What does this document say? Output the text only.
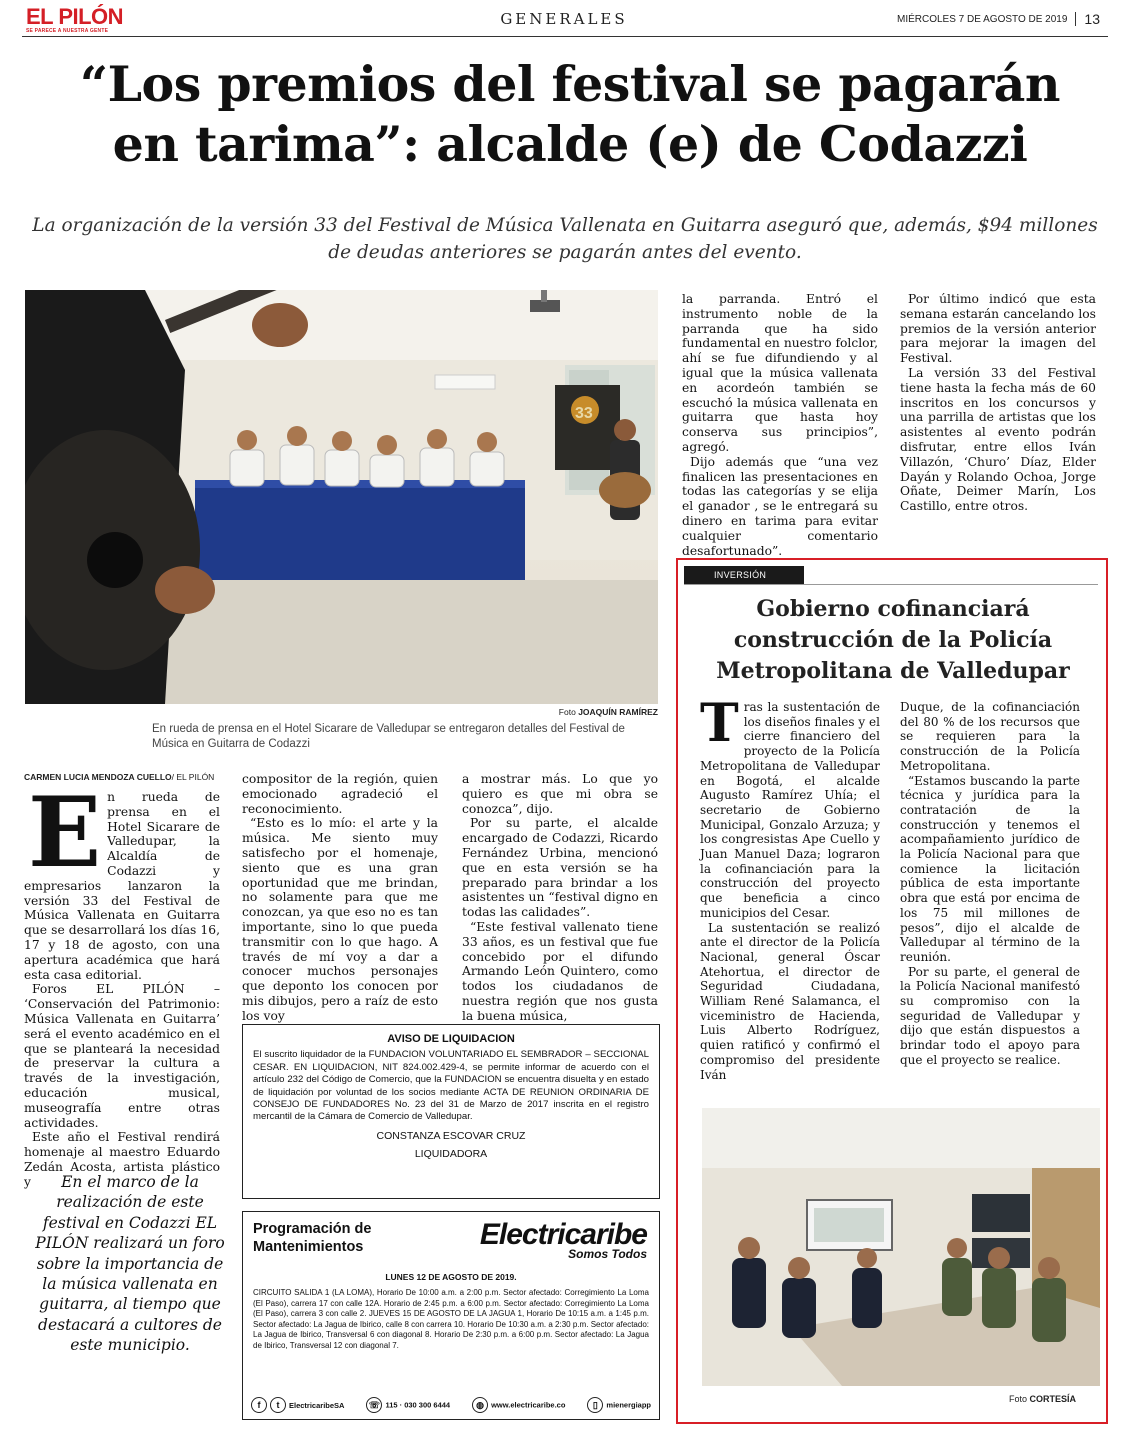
EL PILÓN
SE PARECE A NUESTRA GENTE
GENERALES	MIÉRCOLES 7 DE AGOSTO DE 2019	13
“Los premios del festival se pagarán en tarima”: alcalde (e) de Codazzi

La organización de la versión 33 del Festival de Música Vallenata en Guitarra aseguró que, además, $94 millones de deudas anteriores se pagarán antes del evento.

33
Foto JOAQUÍN RAMÍREZ

En rueda de prensa en el Hotel Sicarare de Valledupar se entregaron detalles del Festival de Música en Guitarra de Codazzi

CARMEN LUCIA MENDOZA CUELLO/ EL PILÓN

En rueda de prensa en el Hotel Sicarare de Valledupar, la Alcaldía de Codazzi y empresarios lanzaron la versión 33 del Festival de Música Vallenata en Guitarra que se desarrollará los días 16, 17 y 18 de agosto, con una apertura académica que hará esta casa editorial.

Foros EL PILÓN – ‘Conservación del Patrimonio: Música Vallenata en Guitarra’ será el evento académico en el que se planteará la necesidad de preservar la cultura a través de la investigación, educación musical, museografía entre otras actividades.

Este año el Festival rendirá homenaje al maestro Eduardo Zedán Acosta, artista plástico y

compositor de la región, quien emocionado agradeció el reconocimiento.

“Esto es lo mío: el arte y la música. Me siento muy satisfecho por el homenaje, siento que es una gran oportunidad que me brindan, no solamente para que me conozcan, ya que eso no es tan importante, sino lo que pueda transmitir con lo que hago. A través de mí voy a dar a conocer muchos personajes que deponto los conocen por mis dibujos, pero a raíz de esto los voy

a mostrar más. Lo que yo quiero es que mi obra se conozca”, dijo.

Por su parte, el alcalde encargado de Codazzi, Ricardo Fernández Urbina, mencionó que en esta versión se ha preparado para brindar a los asistentes un “festival digno en todas las calidades”.

“Este festival vallenato tiene 33 años, es un festival que fue concebido por el difundo Armando León Quintero, como todos los ciudadanos de nuestra región que nos gusta la buena música,

la parranda. Entró el instrumento noble de la parranda que ha sido fundamental en nuestro folclor, ahí se fue difundiendo y al igual que la música vallenata en acordeón también se escuchó la música vallenata en guitarra que hasta hoy conserva sus principios”, agregó.

Dijo además que “una vez finalicen las presentaciones en todas las categorías y se elija el ganador , se le entregará su dinero en tarima para evitar cualquier comentario desafortunado”.

Por último indicó que esta semana estarán cancelando los premios de la versión anterior para mejorar la imagen del Festival.

La versión 33 del Festival tiene hasta la fecha más de 60 inscritos en los concursos y una parrilla de artistas que los asistentes al evento podrán disfrutar, entre ellos Iván Villazón, ‘Churo’ Díaz, Elder Dayán y Rolando Ochoa, Jorge Oñate, Deimer Marín, Los Castillo, entre otros.

En el marco de la realización de este festival en Codazzi EL PILÓN realizará un foro sobre la importancia de la música vallenata en guitarra, al tiempo que destacará a cultores de este municipio.

AVISO DE LIQUIDACION

El suscrito liquidador de la FUNDACION VOLUNTARIADO EL SEMBRADOR – SECCIONAL CESAR. EN LIQUIDACION, NIT 824.002.429-4, se permite informar de acuerdo con el artículo 232 del Código de Comercio, que la FUNDACION se encuentra disuelta y en estado de liquidación por voluntad de los socios mediante ACTA DE REUNION ORDINARIA DE CONSEJO DE FUNDADORES No. 23 del 31 de Marzo de 2017 inscrita en el registro mercantil de la Cámara de Comercio de Valledupar.

CONSTANZA ESCOVAR CRUZ

LIQUIDADORA

Programación de Mantenimientos	Electricaribe
Somos Todos
LUNES 12 DE AGOSTO DE 2019.
CIRCUITO SALIDA 1 (LA LOMA), Horario De 10:00 a.m. a 2:00 p.m. Sector afectado: Corregimiento La Loma (El Paso), carrera 17 con calle 12A. Horario de 2:45 p.m. a 6:00 p.m. Sector afectado: Corregimiento La Loma (El Paso), carrera 3 con calle 2. JUEVES 15 DE AGOSTO DE LA JAGUA 1, Horario De 10:15 a.m. a 1:45 p.m. Sector afectado: La Jagua de Ibirico, calle 8 con carrera 10. Horario De 10:30 a.m. a 2:30 p.m. Sector afectado: La Jagua de Ibirico, Transversal 6 con diagonal 8. Horario De 2:30 p.m. a 6:00 p.m. Sector afectado: La Jagua de Ibirico, Transversal 12 con diagonal 7.
f t ElectricaribeSA	☏ 115 · 030 300 6444	◍ www.electricaribe.co	▯ mienergiapp
INVERSIÓN
Gobierno cofinanciará construcción de la Policía Metropolitana de Valledupar

Tras la sustentación de los diseños finales y el cierre financiero del proyecto de la Policía Metropolitana de Valledupar en Bogotá, el alcalde Augusto Ramírez Uhía; el secretario de Gobierno Municipal, Gonzalo Arzuza; y los congresistas Ape Cuello y Juan Manuel Daza; lograron la cofinanciación para la construcción del proyecto que beneficia a cinco municipios del Cesar.

La sustentación se realizó ante el director de la Policía Nacional, general Óscar Atehortua, el director de Seguridad Ciudadana, William René Salamanca, el viceministro de Hacienda, Luis Alberto Rodríguez, quien ratificó y confirmó el compromiso del presidente Iván

Duque, de la cofinanciación del 80 % de los recursos que se requieren para la construcción de la Policía Metropolitana.

“Estamos buscando la parte técnica y jurídica para la contratación de la construcción y tenemos el acompañamiento jurídico de la Policía Nacional para que comience la licitación pública de esta importante obra que está por encima de los 75 mil millones de pesos”, dijo el alcalde de Valledupar al término de la reunión.

Por su parte, el general de la Policía Nacional manifestó su compromiso con la seguridad de Valledupar y dijo que están dispuestos a brindar todo el apoyo para que el proyecto se realice.

Foto CORTESÍA
